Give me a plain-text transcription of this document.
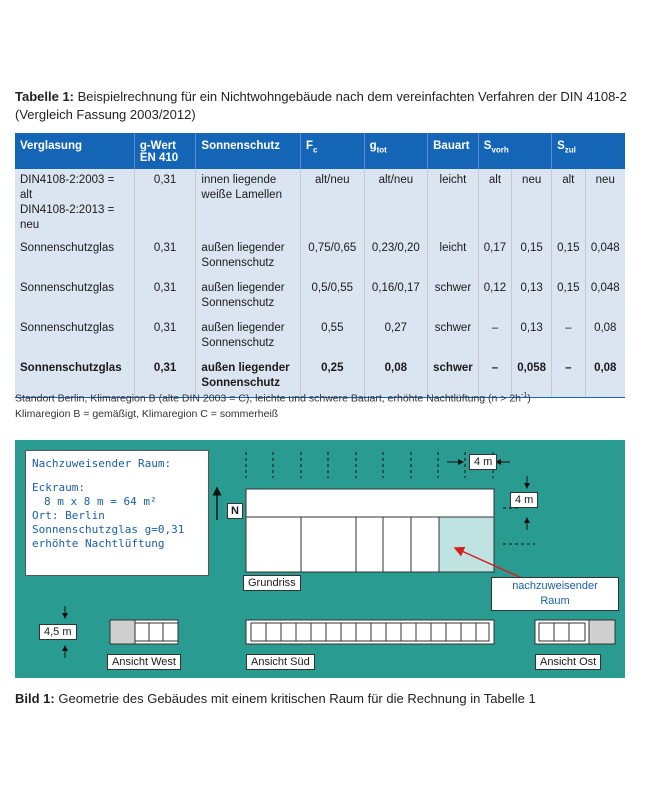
Tabelle 1: Beispielrechnung für ein Nichtwohngebäude nach dem vereinfachten Verfahren der DIN 4108-2 (Vergleich Fassung 2003/2012)
Verglasung	g-Wert
EN 410	Sonnenschutz	$F_c$	$g_{tot}$	Bauart	$S_{vorh}$		$S_{zul}$
DIN4108-2:2003 = alt
DIN4108-2:2013 = neu	0,31	innen liegende
weiße Lamellen	alt/neu	alt/neu	leicht	alt	neu	alt	neu
Sonnenschutzglas	0,31	außen liegender
Sonnenschutz	0,75/0,65	0,23/0,20	leicht	0,17	0,15	0,15	0,048
Sonnenschutzglas	0,31	außen liegender
Sonnenschutz	0,5/0,55	0,16/0,17	schwer	0,12	0,13	0,15	0,048
Sonnenschutzglas	0,31	außen liegender
Sonnenschutz	0,55	0,27	schwer	–	0,13	–	0,08
Sonnenschutzglas	0,31	außen liegender
Sonnenschutz	0,25	0,08	schwer	–	0,058	–	0,08
Standort Berlin, Klimaregion B (alte DIN 2003 = C), leichte und schwere Bauart, erhöhte Nachtlüftung $(n > 2h^{-1})$
Klimaregion B = gemäßigt, Klimaregion C = sommerheiß
Nachzuweisender Raum:
Eckraum:
8 m x 8 m = 64 m²
Ort: Berlin
Sonnenschutzglas g=0,31
erhöhte Nachtlüftung
N
4 m
4 m
Grundriss	nachzuweisender
Raum
4,5 m
Ansicht West	Ansicht Süd	Ansicht Ost
Bild 1: Geometrie des Gebäudes mit einem kritischen Raum für die Rechnung in Tabelle 1
